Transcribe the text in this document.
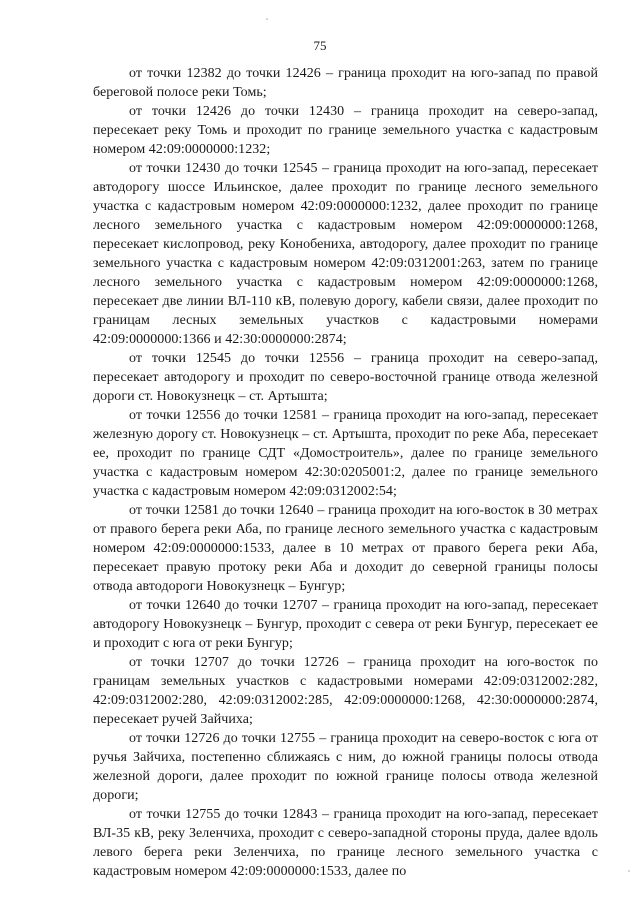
75

от точки 12382 до точки 12426 – граница проходит на юго-запад по правой береговой полосе реки Томь;

от точки 12426 до точки 12430 – граница проходит на северо-запад, пересекает реку Томь и проходит по границе земельного участка с кадастровым номером 42:09:0000000:1232;

от точки 12430 до точки 12545 – граница проходит на юго-запад, пересекает автодорогу шоссе Ильинское, далее проходит по границе лесного земельного участка с кадастровым номером 42:09:0000000:1232, далее проходит по границе лесного земельного участка с кадастровым номером 42:09:0000000:1268, пересекает кислопровод, реку Конобениха, автодорогу, далее проходит по границе земельного участка с кадастровым номером 42:09:0312001:263, затем по границе лесного земельного участка с кадастровым номером 42:09:0000000:1268, пересекает две линии ВЛ-110 кВ, полевую дорогу, кабели связи, далее проходит по границам лесных земельных участков с кадастровыми номерами 42:09:0000000:1366 и 42:30:0000000:2874;

от точки 12545 до точки 12556 – граница проходит на северо-запад, пересекает автодорогу и проходит по северо-восточной границе отвода железной дороги ст. Новокузнецк – ст. Артышта;

от точки 12556 до точки 12581 – граница проходит на юго-запад, пересекает железную дорогу ст. Новокузнецк – ст. Артышта, проходит по реке Аба, пересекает ее, проходит по границе СДТ «Домостроитель», далее по границе земельного участка с кадастровым номером 42:30:0205001:2, далее по границе земельного участка с кадастровым номером 42:09:0312002:54;

от точки 12581 до точки 12640 – граница проходит на юго-восток в 30 метрах от правого берега реки Аба, по границе лесного земельного участка с кадастровым номером 42:09:0000000:1533, далее в 10 метрах от правого берега реки Аба, пересекает правую протоку реки Аба и доходит до северной границы полосы отвода автодороги Новокузнецк – Бунгур;

от точки 12640 до точки 12707 – граница проходит на юго-запад, пересекает автодорогу Новокузнецк – Бунгур, проходит с севера от реки Бунгур, пересекает ее и проходит с юга от реки Бунгур;

от точки 12707 до точки 12726 – граница проходит на юго-восток по границам земельных участков с кадастровыми номерами 42:09:0312002:282, 42:09:0312002:280, 42:09:0312002:285, 42:09:0000000:1268, 42:30:0000000:2874, пересекает ручей Зайчиха;

от точки 12726 до точки 12755 – граница проходит на северо-восток с юга от ручья Зайчиха, постепенно сближаясь с ним, до южной границы полосы отвода железной дороги, далее проходит по южной границе полосы отвода железной дороги;

от точки 12755 до точки 12843 – граница проходит на юго-запад, пересекает ВЛ-35 кВ, реку Зеленчиха, проходит с северо-западной стороны пруда, далее вдоль левого берега реки Зеленчиха, по границе лесного земельного участка с кадастровым номером 42:09:0000000:1533, далее по
